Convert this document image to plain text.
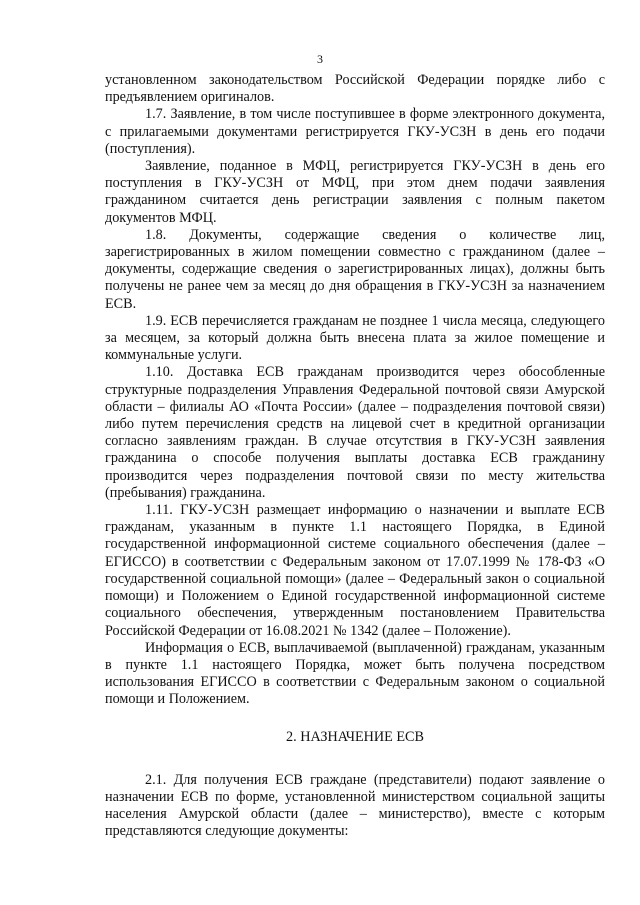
3

установленном законодательством Российской Федерации порядке либо с предъявлением оригиналов.

1.7. Заявление, в том числе поступившее в форме электронного документа, с прилагаемыми документами регистрируется ГКУ-УСЗН в день его подачи (поступления).

Заявление, поданное в МФЦ, регистрируется ГКУ-УСЗН в день его поступления в ГКУ-УСЗН от МФЦ, при этом днем подачи заявления гражданином считается день регистрации заявления с полным пакетом документов МФЦ.

1.8. Документы, содержащие сведения о количестве лиц, зарегистрированных в жилом помещении совместно с гражданином (далее – документы, содержащие сведения о зарегистрированных лицах), должны быть получены не ранее чем за месяц до дня обращения в ГКУ-УСЗН за назначением ЕСВ.

1.9. ЕСВ перечисляется гражданам не позднее 1 числа месяца, следующего за месяцем, за который должна быть внесена плата за жилое помещение и коммунальные услуги.

1.10. Доставка ЕСВ гражданам производится через обособленные структурные подразделения Управления Федеральной почтовой связи Амурской области – филиалы АО «Почта России» (далее – подразделения почтовой связи) либо путем перечисления средств на лицевой счет в кредитной организации согласно заявлениям граждан. В случае отсутствия в ГКУ-УСЗН заявления гражданина о способе получения выплаты доставка ЕСВ гражданину производится через подразделения почтовой связи по месту жительства (пребывания) гражданина.

1.11. ГКУ-УСЗН размещает информацию о назначении и выплате ЕСВ гражданам, указанным в пункте 1.1 настоящего Порядка, в Единой государственной информационной системе социального обеспечения (далее – ЕГИССО) в соответствии с Федеральным законом от 17.07.1999 № 178-ФЗ «О государственной социальной помощи» (далее – Федеральный закон о социальной помощи) и Положением о Единой государственной информационной системе социального обеспечения, утвержденным постановлением Правительства Российской Федерации от 16.08.2021 № 1342 (далее – Положение).

Информация о ЕСВ, выплачиваемой (выплаченной) гражданам, указанным в пункте 1.1 настоящего Порядка, может быть получена посредством использования ЕГИССО в соответствии с Федеральным законом о социальной помощи и Положением.

2. НАЗНАЧЕНИЕ ЕСВ

2.1. Для получения ЕСВ граждане (представители) подают заявление о назначении ЕСВ по форме, установленной министерством социальной защиты населения Амурской области (далее – министерство), вместе с которым представляются следующие документы:
